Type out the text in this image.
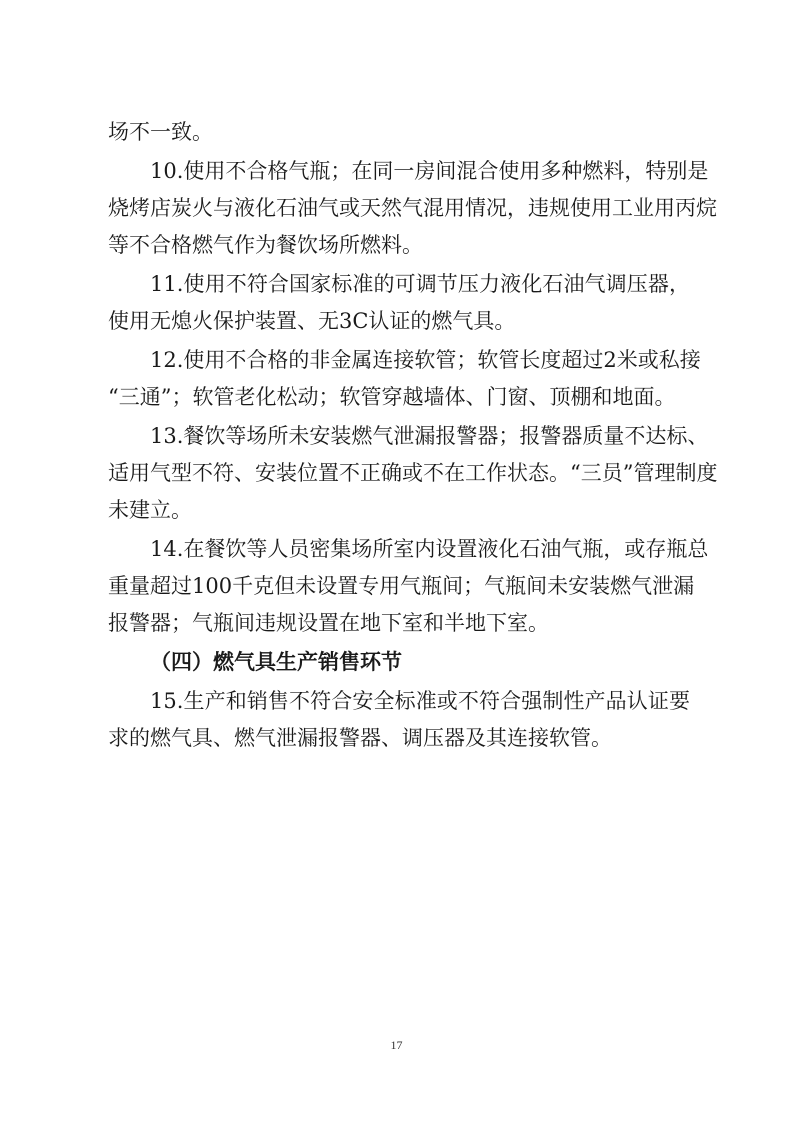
场不一致。
10.使用不合格气瓶；在同一房间混合使用多种燃料，特别是
烧烤店炭火与液化石油气或天然气混用情况，违规使用工业用丙烷
等不合格燃气作为餐饮场所燃料。
11.使用不符合国家标准的可调节压力液化石油气调压器，
使用无熄火保护装置、无3C认证的燃气具。
12.使用不合格的非金属连接软管；软管长度超过2米或私接
“三通”；软管老化松动；软管穿越墙体、门窗、顶棚和地面。
13.餐饮等场所未安装燃气泄漏报警器；报警器质量不达标、
适用气型不符、安装位置不正确或不在工作状态。“三员”管理制度
未建立。
14.在餐饮等人员密集场所室内设置液化石油气瓶，或存瓶总
重量超过100千克但未设置专用气瓶间；气瓶间未安装燃气泄漏
报警器；气瓶间违规设置在地下室和半地下室。
（四）燃气具生产销售环节
15.生产和销售不符合安全标准或不符合强制性产品认证要
求的燃气具、燃气泄漏报警器、调压器及其连接软管。
17
